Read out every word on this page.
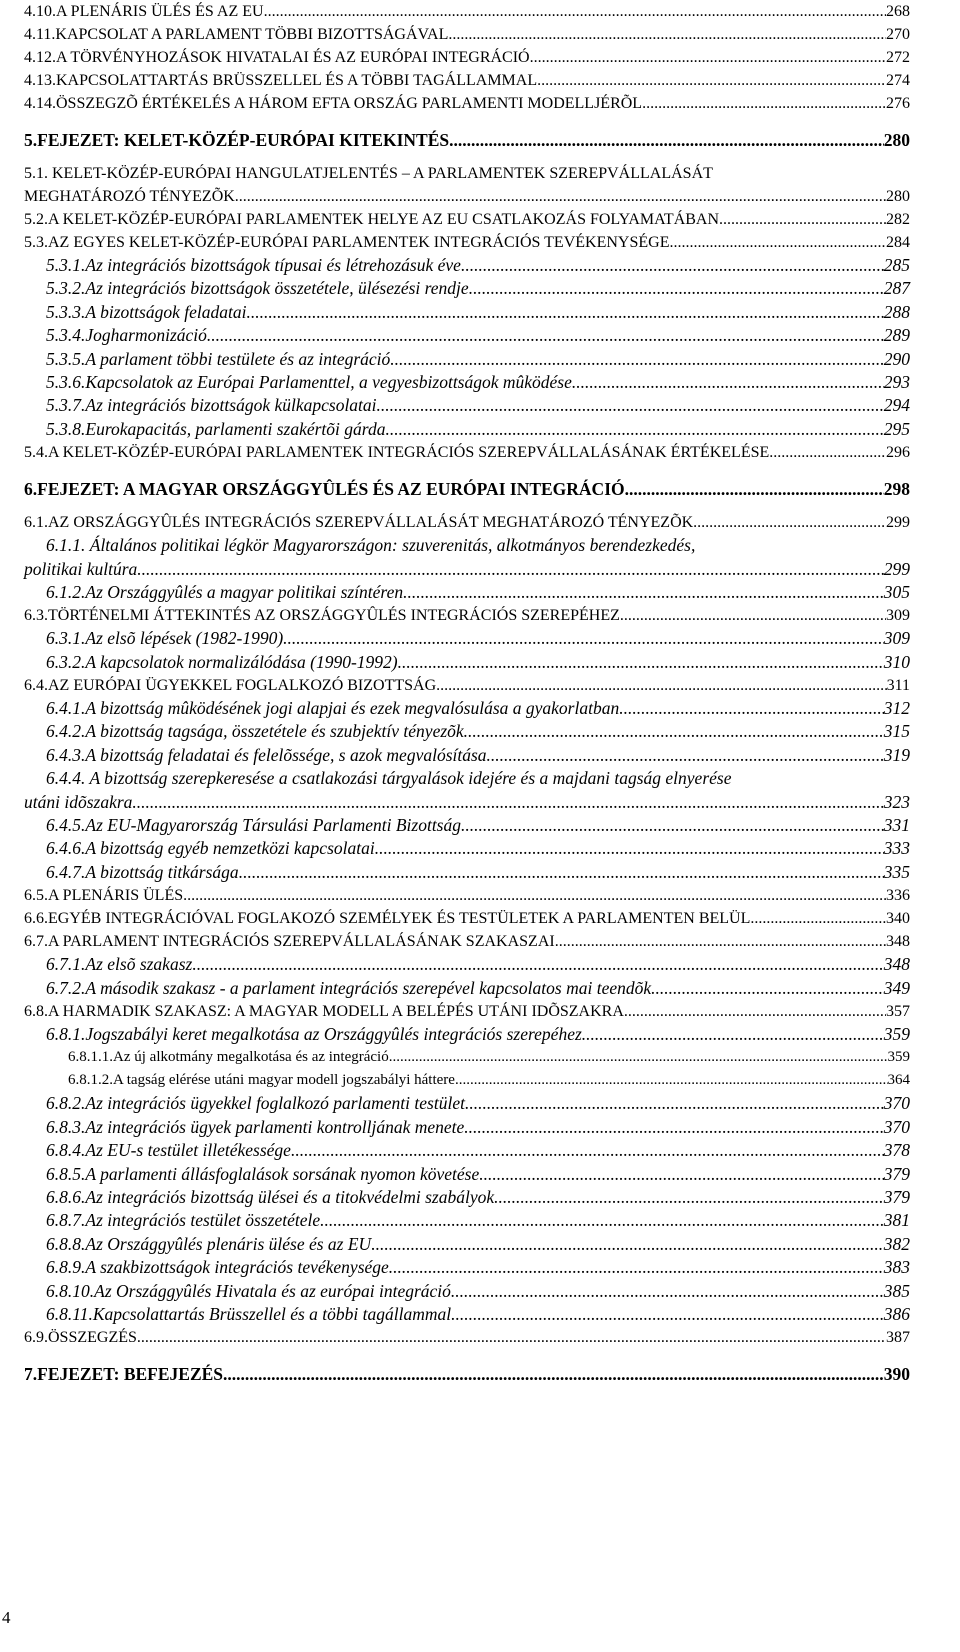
4.10. A PLENÁRIS ÜLÉS ÉS AZ EU .....	268
4.11. KAPCSOLAT A PARLAMENT TÖBBI BIZOTTSÁGÁVAL .....	270
4.12. A TÖRVÉNYHOZÁSOK HIVATALAI ÉS AZ EURÓPAI INTEGRÁCIÓ .....	272
4.13. KAPCSOLATTARTÁS BRÜSSZELLEL ÉS A TÖBBI TAGÁLLAMMAL .....	274
4.14. ÖSSZEGZÕ ÉRTÉKELÉS A HÁROM EFTA ORSZÁG PARLAMENTI MODELLJÉRÕL .....	276
5. FEJEZET: KELET-KÖZÉP-EURÓPAI KITEKINTÉS .....	280
5.1. KELET-KÖZÉP-EURÓPAI HANGULATJELENTÉS – A PARLAMENTEK SZEREPVÁLLALÁSÁT
MEGHATÁROZÓ TÉNYEZÕK .....	280
5.2. A KELET-KÖZÉP-EURÓPAI PARLAMENTEK HELYE AZ EU CSATLAKOZÁS FOLYAMATÁBAN .....	282
5.3. AZ EGYES KELET-KÖZÉP-EURÓPAI PARLAMENTEK INTEGRÁCIÓS TEVÉKENYSÉGE .....	284
5.3.1. Az integrációs bizottságok típusai és létrehozásuk éve .....	285
5.3.2. Az integrációs bizottságok összetétele, ülésezési rendje .....	287
5.3.3. A bizottságok feladatai .....	288
5.3.4. Jogharmonizáció .....	289
5.3.5. A parlament többi testülete és az integráció .....	290
5.3.6. Kapcsolatok az Európai Parlamenttel, a vegyesbizottságok mûködése .....	293
5.3.7. Az integrációs bizottságok külkapcsolatai .....	294
5.3.8. Eurokapacitás, parlamenti szakértõi gárda .....	295
5.4. A KELET-KÖZÉP-EURÓPAI PARLAMENTEK INTEGRÁCIÓS SZEREPVÁLLALÁSÁNAK ÉRTÉKELÉSE .....	296
6. FEJEZET: A MAGYAR ORSZÁGGYÛLÉS ÉS AZ EURÓPAI INTEGRÁCIÓ .....	298
6.1. AZ ORSZÁGGYÛLÉS INTEGRÁCIÓS SZEREPVÁLLALÁSÁT MEGHATÁROZÓ TÉNYEZÕK .....	299
6.1.1. Általános politikai légkör Magyarországon: szuverenitás, alkotmányos berendezkedés,
politikai kultúra .....	299
6.1.2. Az Országgyûlés a magyar politikai színtéren .....	305
6.3. TÖRTÉNELMI ÁTTEKINTÉS AZ ORSZÁGGYÛLÉS INTEGRÁCIÓS SZEREPÉHEZ .....	309
6.3.1. Az elsõ lépések (1982-1990) .....	309
6.3.2. A kapcsolatok normalizálódása (1990-1992) .....	310
6.4. AZ EURÓPAI ÜGYEKKEL FOGLALKOZÓ BIZOTTSÁG .....	311
6.4.1. A bizottság mûködésének jogi alapjai és ezek megvalósulása a gyakorlatban .....	312
6.4.2. A bizottság tagsága, összetétele és szubjektív tényezõk .....	315
6.4.3. A bizottság feladatai és felelõssége, s azok megvalósítása .....	319
6.4.4. A bizottság szerepkeresése a csatlakozási tárgyalások idejére és a majdani tagság elnyerése
utáni idõszakra .....	323
6.4.5. Az EU-Magyarország Társulási Parlamenti Bizottság .....	331
6.4.6. A bizottság egyéb nemzetközi kapcsolatai .....	333
6.4.7. A bizottság titkársága .....	335
6.5. A PLENÁRIS ÜLÉS .....	336
6.6. EGYÉB INTEGRÁCIÓVAL FOGLAKOZÓ SZEMÉLYEK ÉS TESTÜLETEK A PARLAMENTEN BELÜL .....	340
6.7. A PARLAMENT INTEGRÁCIÓS SZEREPVÁLLALÁSÁNAK SZAKASZAI .....	348
6.7.1. Az elsõ szakasz .....	348
6.7.2. A második szakasz - a parlament integrációs szerepével kapcsolatos mai teendõk .....	349
6.8. A HARMADIK SZAKASZ: A MAGYAR MODELL A BELÉPÉS UTÁNI IDÕSZAKRA .....	357
6.8.1. Jogszabályi keret megalkotása az Országgyûlés integrációs szerepéhez .....	359
6.8.1.1. Az új alkotmány megalkotása és az integráció .....	359
6.8.1.2. A tagság elérése utáni magyar modell jogszabályi háttere .....	364
6.8.2. Az integrációs ügyekkel foglalkozó parlamenti testület .....	370
6.8.3. Az integrációs ügyek parlamenti kontrolljának menete .....	370
6.8.4. Az EU-s testület illetékessége .....	378
6.8.5. A parlamenti állásfoglalások sorsának nyomon követése .....	379
6.8.6. Az integrációs bizottság ülései és a titokvédelmi szabályok .....	379
6.8.7. Az integrációs testület összetétele .....	381
6.8.8. Az Országgyûlés plenáris ülése és az EU .....	382
6.8.9. A szakbizottságok integrációs tevékenysége .....	383
6.8.10. Az Országgyûlés Hivatala és az európai integráció .....	385
6.8.11. Kapcsolattartás Brüsszellel és a többi tagállammal .....	386
6.9. ÖSSZEGZÉS .....	387
7. FEJEZET: BEFEJEZÉS .....	390
4
